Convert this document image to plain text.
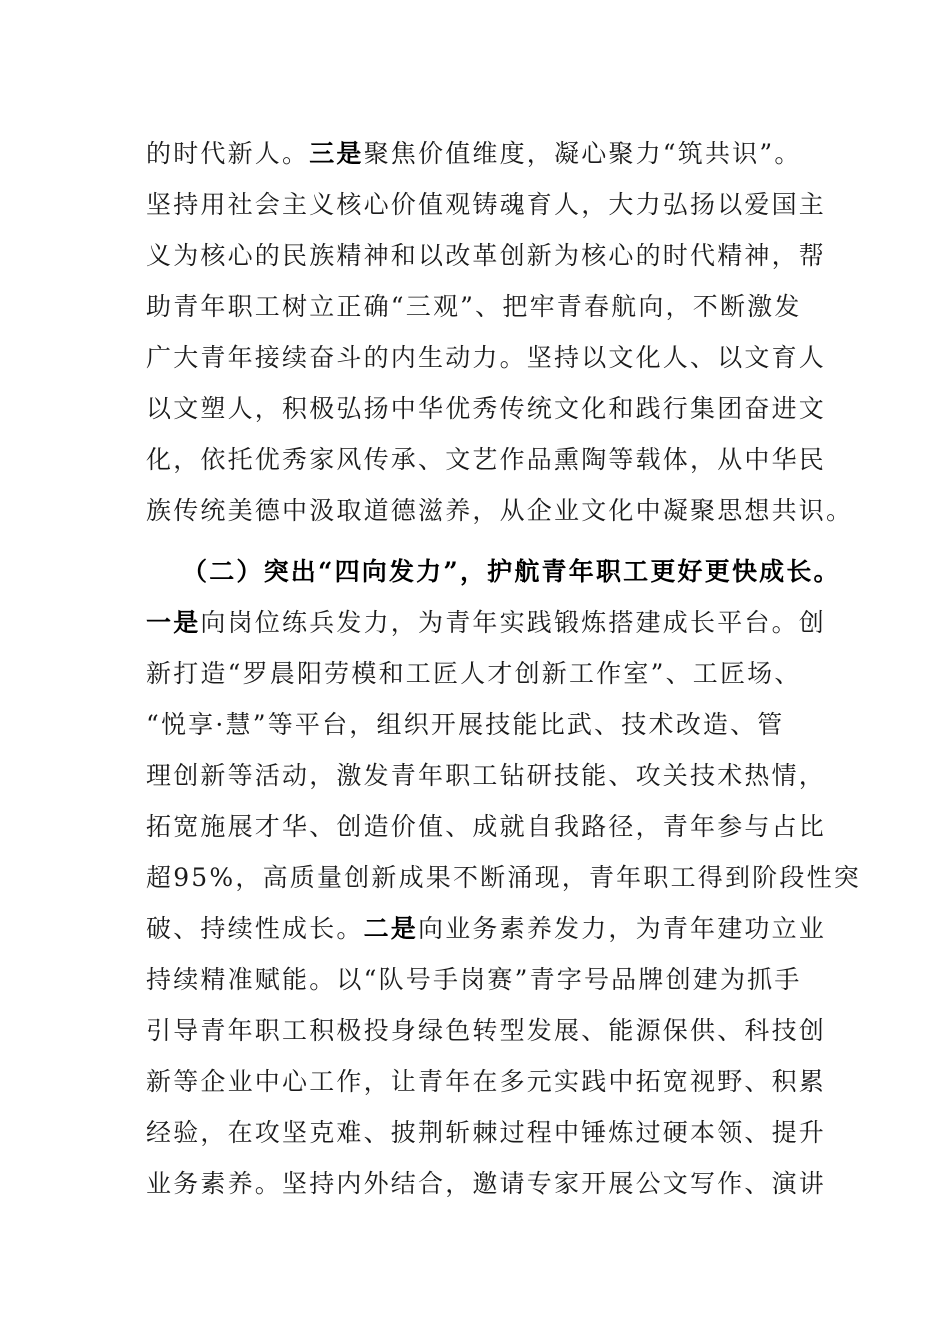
的时代新人。三是聚焦价值维度，凝心聚力“筑共识”。
坚持用社会主义核心价值观铸魂育人，大力弘扬以爱国主
义为核心的民族精神和以改革创新为核心的时代精神，帮
助青年职工树立正确“三观”、把牢青春航向，不断激发
广大青年接续奋斗的内生动力。坚持以文化人、以文育人
以文塑人，积极弘扬中华优秀传统文化和践行集团奋进文
化，依托优秀家风传承、文艺作品熏陶等载体，从中华民
族传统美德中汲取道德滋养，从企业文化中凝聚思想共识。
（二）突出“四向发力”，护航青年职工更好更快成长。
一是向岗位练兵发力，为青年实践锻炼搭建成长平台。创
新打造“罗晨阳劳模和工匠人才创新工作室”、工匠场、
“悦享·慧”等平台，组织开展技能比武、技术改造、管
理创新等活动，激发青年职工钻研技能、攻关技术热情，
拓宽施展才华、创造价值、成就自我路径，青年参与占比
超95%，高质量创新成果不断涌现，青年职工得到阶段性突
破、持续性成长。二是向业务素养发力，为青年建功立业
持续精准赋能。以“队号手岗赛”青字号品牌创建为抓手
引导青年职工积极投身绿色转型发展、能源保供、科技创
新等企业中心工作，让青年在多元实践中拓宽视野、积累
经验，在攻坚克难、披荆斩棘过程中锤炼过硬本领、提升
业务素养。坚持内外结合，邀请专家开展公文写作、演讲
